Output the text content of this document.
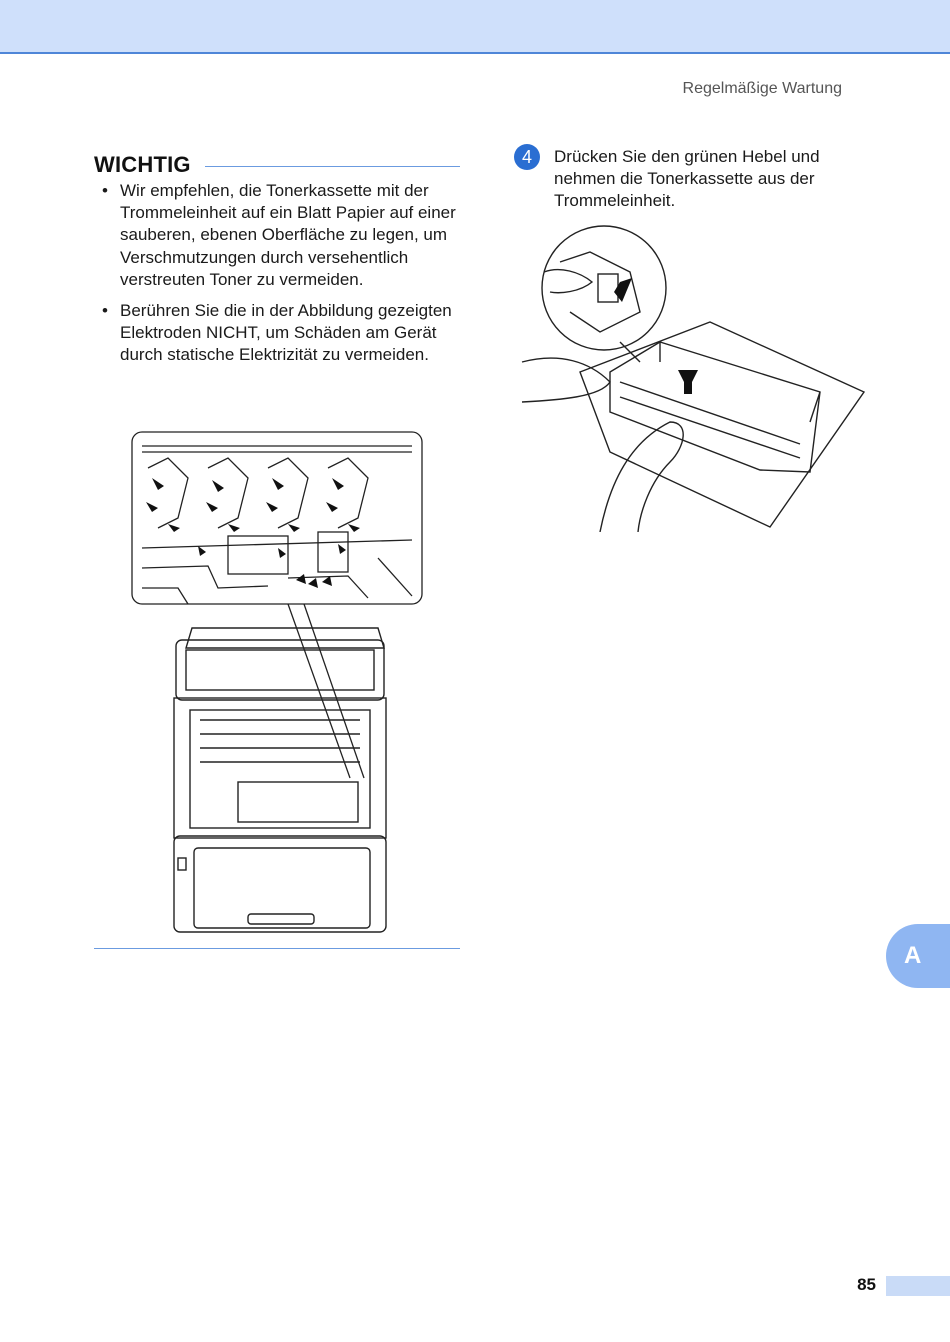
Regelmäßige Wartung
WICHTIG
• Wir empfehlen, die Tonerkassette mit der Trommeleinheit auf ein Blatt Papier auf einer sauberen, ebenen Oberfläche zu legen, um Verschmutzungen durch versehentlich verstreuten Toner zu vermeiden.
• Berühren Sie die in der Abbildung gezeigten Elektroden NICHT, um Schäden am Gerät durch statische Elektrizität zu vermeiden.
4	Drücken Sie den grünen Hebel und nehmen die Tonerkassette aus der Trommeleinheit.
A
85
